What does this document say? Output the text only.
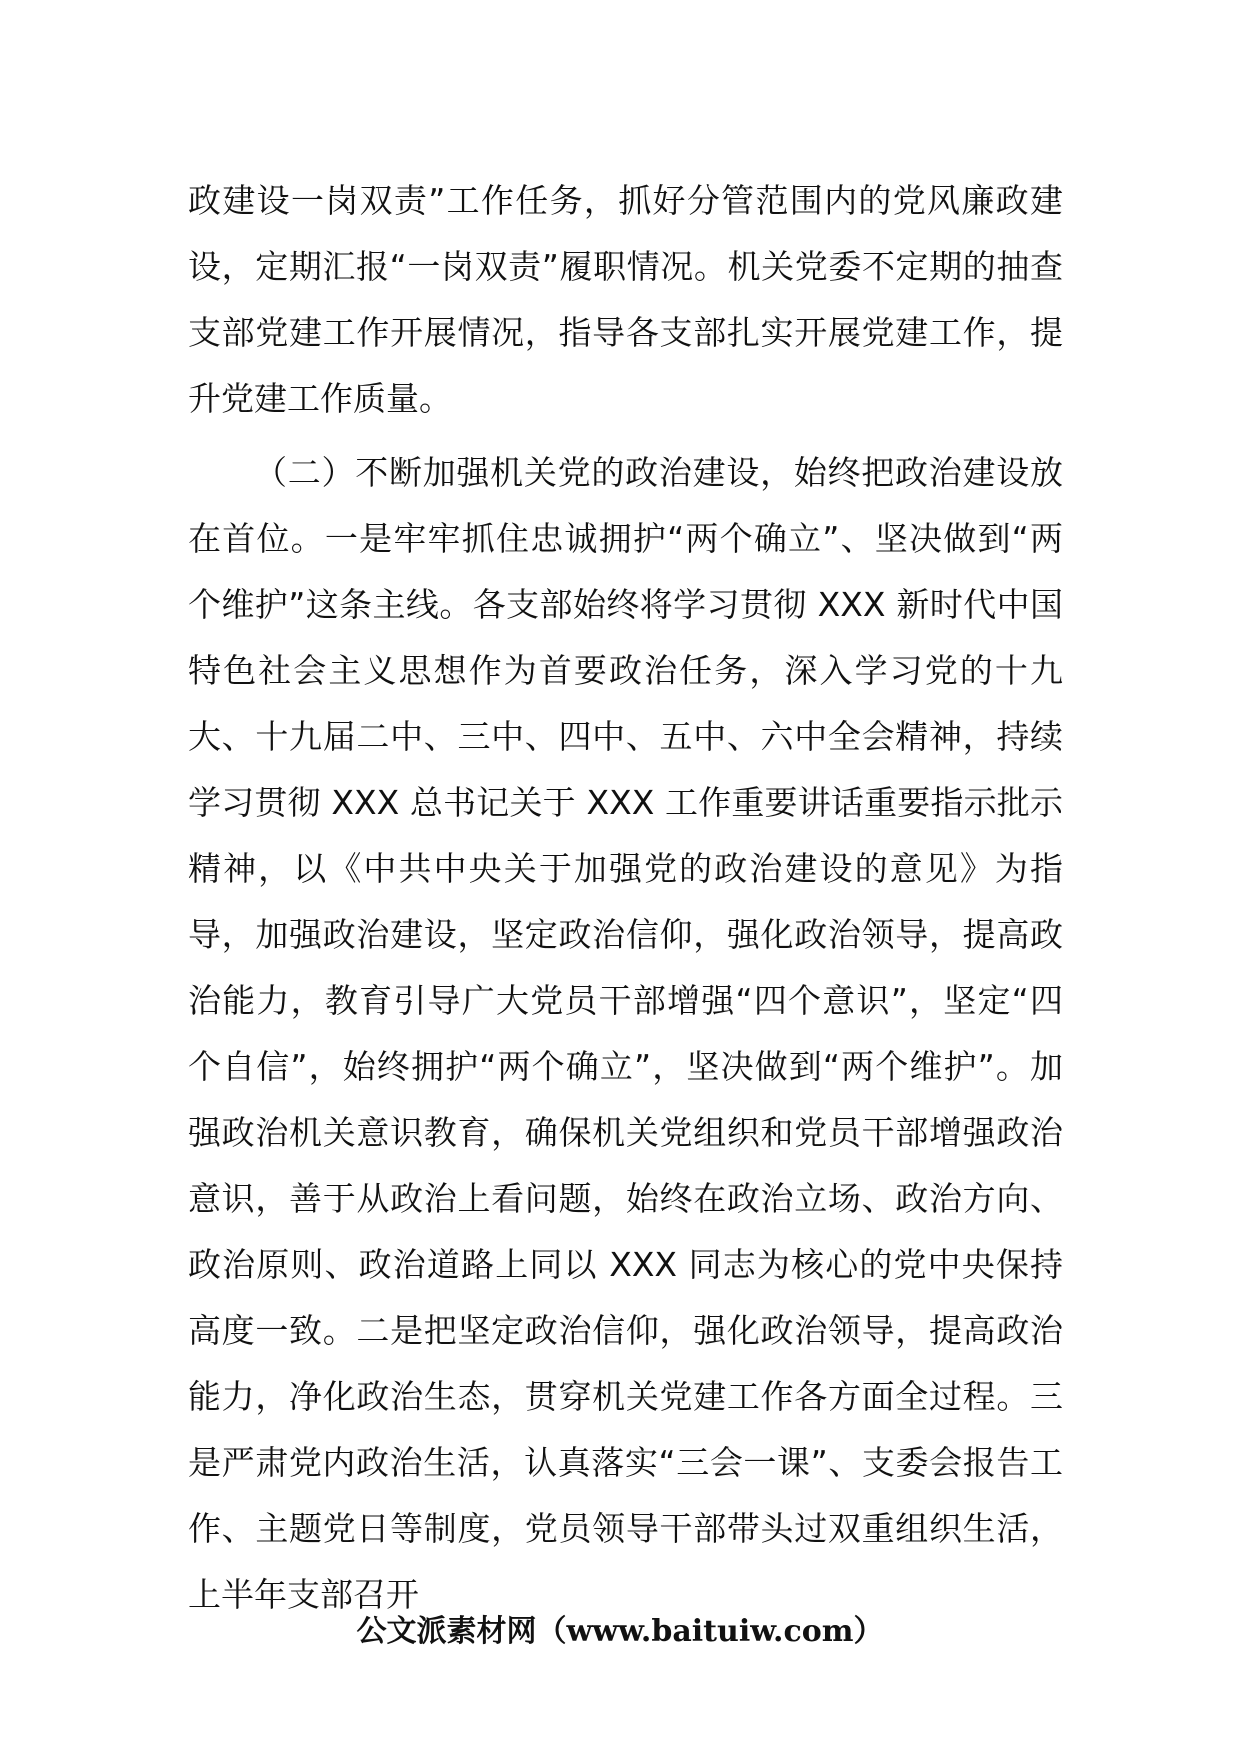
政建设一岗双责”工作任务，抓好分管范围内的党风廉政建设，定期汇报“一岗双责”履职情况。机关党委不定期的抽查支部党建工作开展情况，指导各支部扎实开展党建工作，提升党建工作质量。

（二）不断加强机关党的政治建设，始终把政治建设放在首位。一是牢牢抓住忠诚拥护“两个确立”、坚决做到“两个维护”这条主线。各支部始终将学习贯彻 XXX 新时代中国特色社会主义思想作为首要政治任务，深入学习党的十九大、十九届二中、三中、四中、五中、六中全会精神，持续学习贯彻 XXX 总书记关于 XXX 工作重要讲话重要指示批示精神，以《中共中央关于加强党的政治建设的意见》为指导，加强政治建设，坚定政治信仰，强化政治领导，提高政治能力，教育引导广大党员干部增强“四个意识”，坚定“四个自信”，始终拥护“两个确立”，坚决做到“两个维护”。加强政治机关意识教育，确保机关党组织和党员干部增强政治意识，善于从政治上看问题，始终在政治立场、政治方向、政治原则、政治道路上同以 XXX 同志为核心的党中央保持高度一致。二是把坚定政治信仰，强化政治领导，提高政治能力，净化政治生态，贯穿机关党建工作各方面全过程。三是严肃党内政治生活，认真落实“三会一课”、支委会报告工作、主题党日等制度，党员领导干部带头过双重组织生活，上半年支部召开

公文派素材网（www.baituiw.com）
